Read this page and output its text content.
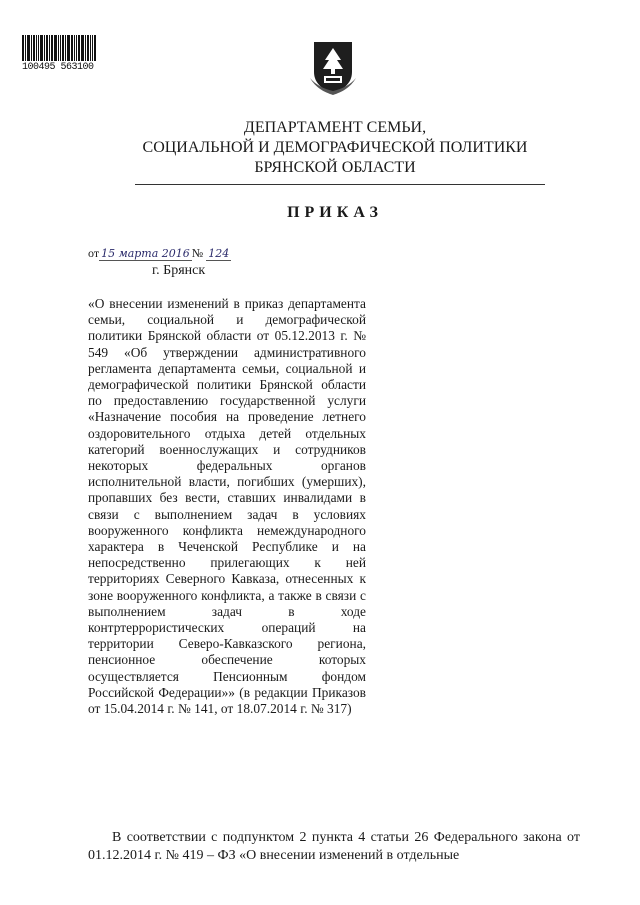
100495 563100
ДЕПАРТАМЕНТ СЕМЬИ,
СОЦИАЛЬНОЙ И ДЕМОГРАФИЧЕСКОЙ ПОЛИТИКИ
БРЯНСКОЙ ОБЛАСТИ
ПРИКАЗ
от 15 марта 2016 № 124
г. Брянск
«О внесении изменений в приказ департамента семьи, социальной и демографической политики Брянской области от 05.12.2013 г. № 549 «Об утверждении административного регламента департамента семьи, социальной и демографической политики Брянской области по предоставлению государственной услуги «Назначение пособия на проведение летнего оздоровительного отдыха детей отдельных категорий военнослужащих и сотрудников некоторых федеральных органов исполнительной власти, погибших (умерших), пропавших без вести, ставших инвалидами в связи с выполнением задач в условиях вооруженного конфликта немеждународного характера в Чеченской Республике и на непосредственно прилегающих к ней территориях Северного Кавказа, отнесенных к зоне вооруженного конфликта, а также в связи с выполнением задач в ходе контртеррористических операций на территории Северо-Кавказского региона, пенсионное обеспечение которых осуществляется Пенсионным фондом Российской Федерации»» (в редакции Приказов от 15.04.2014 г. № 141, от 18.07.2014 г. № 317)
В соответствии с подпунктом 2 пункта 4 статьи 26 Федерального закона от 01.12.2014 г. № 419 – ФЗ «О внесении изменений в отдельные
